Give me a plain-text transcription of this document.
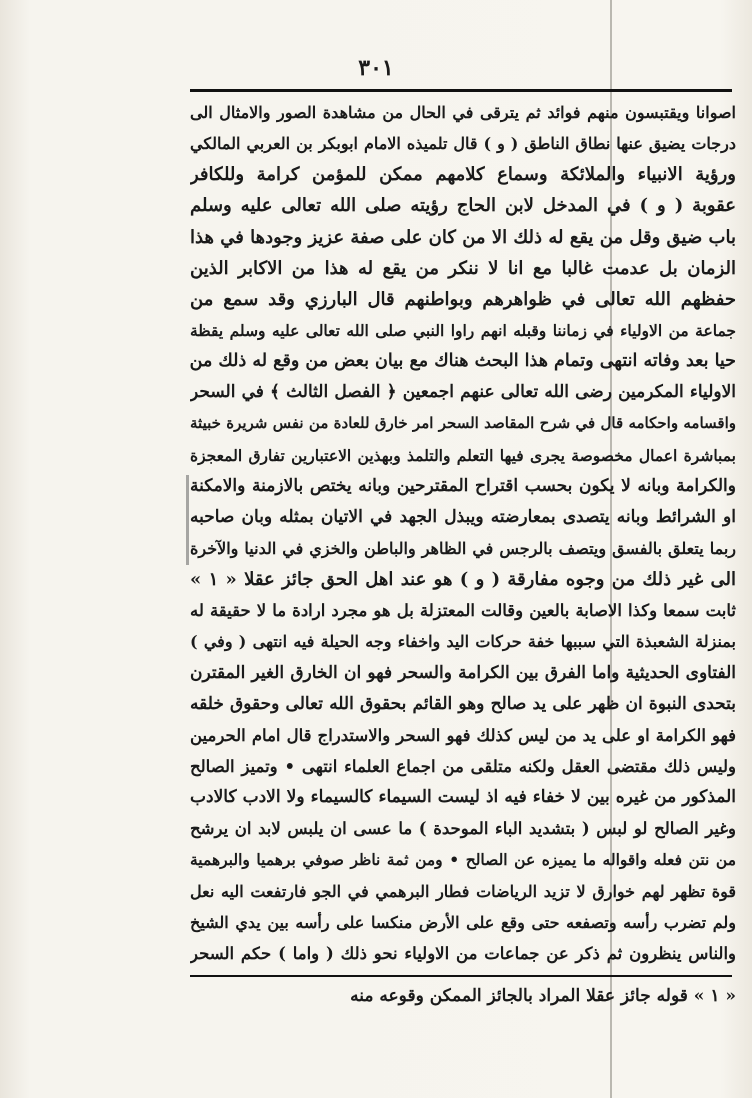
٣٠١
اصوانا ويقتبسون منهم فوائد ثم يترقى في الحال من مشاهدة الصور والامثال الى
درجات يضيق عنها نطاق الناطق ( و ) قال تلميذه الامام ابوبكر بن العربي المالكي
ورؤية الانبياء والملائكة وسماع كلامهم ممكن للمؤمن كرامة وللكافر
عقوبة ( و ) في المدخل لابن الحاج رؤيته صلى الله تعالى عليه وسلم
باب ضيق وقل من يقع له ذلك الا من كان على صفة عزيز وجودها في هذا
الزمان بل عدمت غالبا مع انا لا ننكر من يقع له هذا من الاكابر الذين
حفظهم الله تعالى في ظواهرهم وبواطنهم قال البارزي وقد سمع من
جماعة من الاولياء في زماننا وقبله انهم راوا النبي صلى الله تعالى عليه وسلم يقظة
حيا بعد وفاته انتهى وتمام هذا البحث هناك مع بيان بعض من وقع له ذلك من
الاولياء المكرمين رضى الله تعالى عنهم اجمعين ﴿ الفصل الثالث ﴾ في السحر
واقسامه واحكامه قال في شرح المقاصد السحر امر خارق للعادة من نفس شريرة خبيثة
بمباشرة اعمال مخصوصة يجرى فيها التعلم والتلمذ وبهذين الاعتبارين تفارق المعجزة
والكرامة وبانه لا يكون بحسب اقتراح المقترحين وبانه يختص بالازمنة والامكنة
او الشرائط وبانه يتصدى بمعارضته ويبذل الجهد في الاتيان بمثله وبان صاحبه
ربما يتعلق بالفسق ويتصف بالرجس في الظاهر والباطن والخزي في الدنيا والآخرة
الى غير ذلك من وجوه مفارقة ( و ) هو عند اهل الحق جائز عقلا « ١ »
ثابت سمعا وكذا الاصابة بالعين وقالت المعتزلة بل هو مجرد ارادة ما لا حقيقة له
بمنزلة الشعبذة التي سببها خفة حركات اليد واخفاء وجه الحيلة فيه انتهى ( وفي )
الفتاوى الحديثية واما الفرق بين الكرامة والسحر فهو ان الخارق الغير المقترن
بتحدى النبوة ان ظهر على يد صالح وهو القائم بحقوق الله تعالى وحقوق خلقه
فهو الكرامة او على يد من ليس كذلك فهو السحر والاستدراج قال امام الحرمين
وليس ذلك مقتضى العقل ولكنه متلقى من اجماع العلماء انتهى • وتميز الصالح
المذكور من غيره بين لا خفاء فيه اذ ليست السيماء كالسيماء ولا الادب كالادب
وغير الصالح لو لبس ( بتشديد الباء الموحدة ) ما عسى ان يلبس لابد ان يرشح
من نتن فعله واقواله ما يميزه عن الصالح • ومن ثمة ناظر صوفي برهميا والبرهمية
قوة تظهر لهم خوارق لا تزيد الرياضات فطار البرهمي في الجو فارتفعت اليه نعل
ولم تضرب رأسه وتصفعه حتى وقع على الأرض منكسا على رأسه بين يدي الشيخ
والناس ينظرون ثم ذكر عن جماعات من الاولياء نحو ذلك ( واما ) حكم السحر
« ١ » قوله جائز عقلا المراد بالجائز الممكن وقوعه منه
